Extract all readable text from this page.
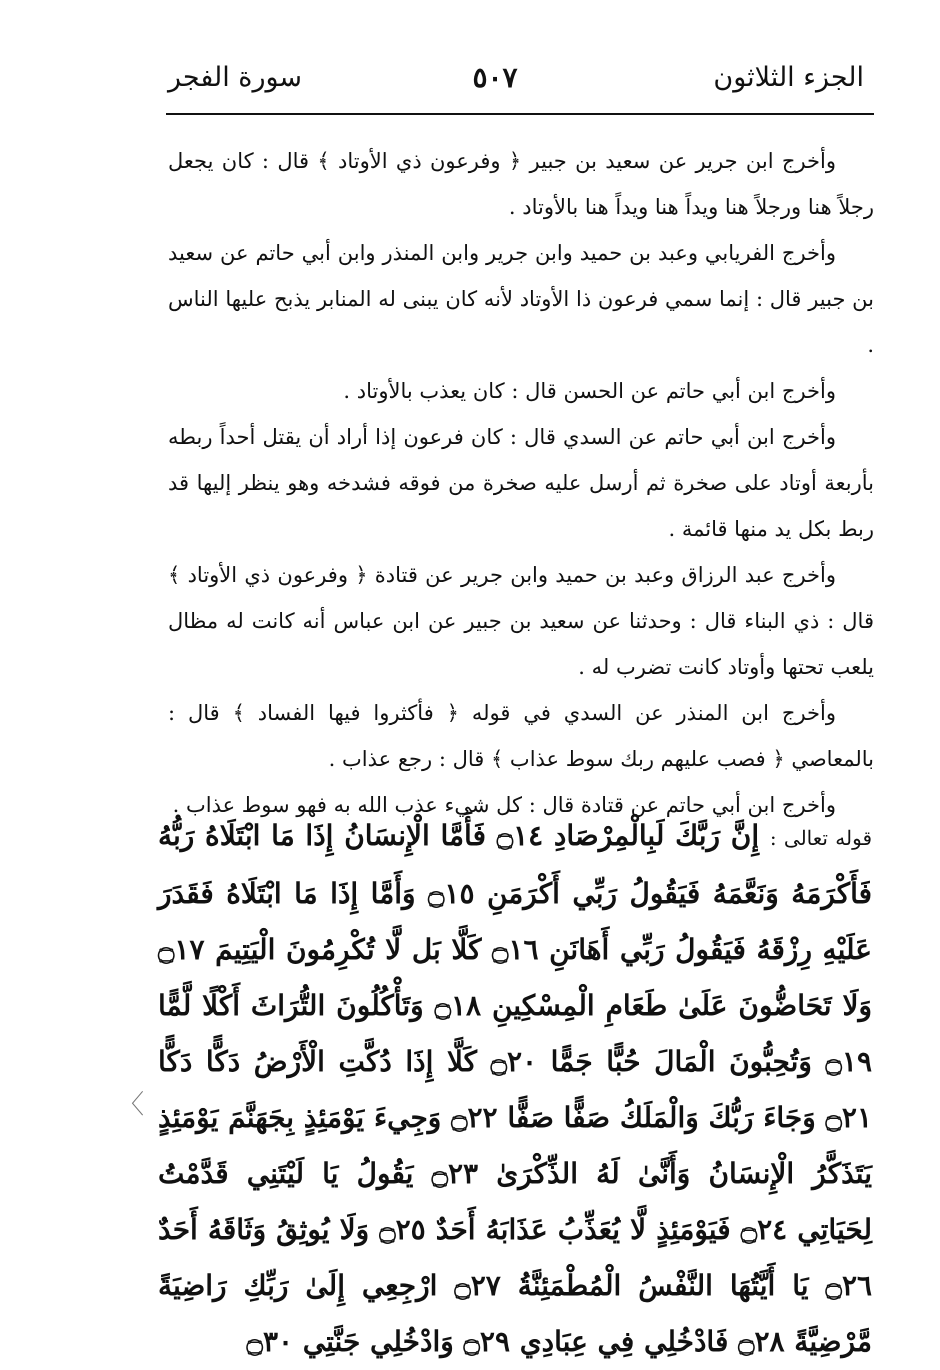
الجزء الثلاثون
٥٠٧
سورة الفجر

وأخرج ابن جرير عن سعيد بن جبير ﴿ وفرعون ذي الأوتاد ﴾ قال : كان يجعل رجلاً هنا ورجلاً هنا ويداً هنا ويداً هنا بالأوتاد .

وأخرج الفريابي وعبد بن حميد وابن جرير وابن المنذر وابن أبي حاتم عن سعيد بن جبير قال : إنما سمي فرعون ذا الأوتاد لأنه كان يبنى له المنابر يذبح عليها الناس .

وأخرج ابن أبي حاتم عن الحسن قال : كان يعذب بالأوتاد .

وأخرج ابن أبي حاتم عن السدي قال : كان فرعون إذا أراد أن يقتل أحداً ربطه بأربعة أوتاد على صخرة ثم أرسل عليه صخرة من فوقه فشدخه وهو ينظر إليها قد ربط بكل يد منها قائمة .

وأخرج عبد الرزاق وعبد بن حميد وابن جرير عن قتادة ﴿ وفرعون ذي الأوتاد ﴾ قال : ذي البناء قال : وحدثنا عن سعيد بن جبير عن ابن عباس أنه كانت له مظال يلعب تحتها وأوتاد كانت تضرب له .

وأخرج ابن المنذر عن السدي في قوله ﴿ فأكثروا فيها الفساد ﴾ قال : بالمعاصي ﴿ فصب عليهم ربك سوط عذاب ﴾ قال : رجع عذاب .

وأخرج ابن أبي حاتم عن قتادة قال : كل شيء عذب الله به فهو سوط عذاب .

قوله تعالى : إِنَّ رَبَّكَ لَبِالْمِرْصَادِ ۝١٤ فَأَمَّا الْإِنسَانُ إِذَا مَا ابْتَلَاهُ رَبُّهُ فَأَكْرَمَهُ وَنَعَّمَهُ فَيَقُولُ رَبِّي أَكْرَمَنِ ۝١٥ وَأَمَّا إِذَا مَا ابْتَلَاهُ فَقَدَرَ عَلَيْهِ رِزْقَهُ فَيَقُولُ رَبِّي أَهَانَنِ ۝١٦ كَلَّا بَل لَّا تُكْرِمُونَ الْيَتِيمَ ۝١٧ وَلَا تَحَاضُّونَ عَلَىٰ طَعَامِ الْمِسْكِينِ ۝١٨ وَتَأْكُلُونَ التُّرَاثَ أَكْلًا لَّمًّا ۝١٩ وَتُحِبُّونَ الْمَالَ حُبًّا جَمًّا ۝٢٠ كَلَّا إِذَا دُكَّتِ الْأَرْضُ دَكًّا دَكًّا ۝٢١ وَجَاءَ رَبُّكَ وَالْمَلَكُ صَفًّا صَفًّا ۝٢٢ وَجِيءَ يَوْمَئِذٍ بِجَهَنَّمَ يَوْمَئِذٍ يَتَذَكَّرُ الْإِنسَانُ وَأَنَّىٰ لَهُ الذِّكْرَىٰ ۝٢٣ يَقُولُ يَا لَيْتَنِي قَدَّمْتُ لِحَيَاتِي ۝٢٤ فَيَوْمَئِذٍ لَّا يُعَذِّبُ عَذَابَهُ أَحَدٌ ۝٢٥ وَلَا يُوثِقُ وَثَاقَهُ أَحَدٌ ۝٢٦ يَا أَيَّتُهَا النَّفْسُ الْمُطْمَئِنَّةُ ۝٢٧ ارْجِعِي إِلَىٰ رَبِّكِ رَاضِيَةً مَّرْضِيَّةً ۝٢٨ فَادْخُلِي فِي عِبَادِي ۝٢٩ وَادْخُلِي جَنَّتِي ۝٣٠
〈
